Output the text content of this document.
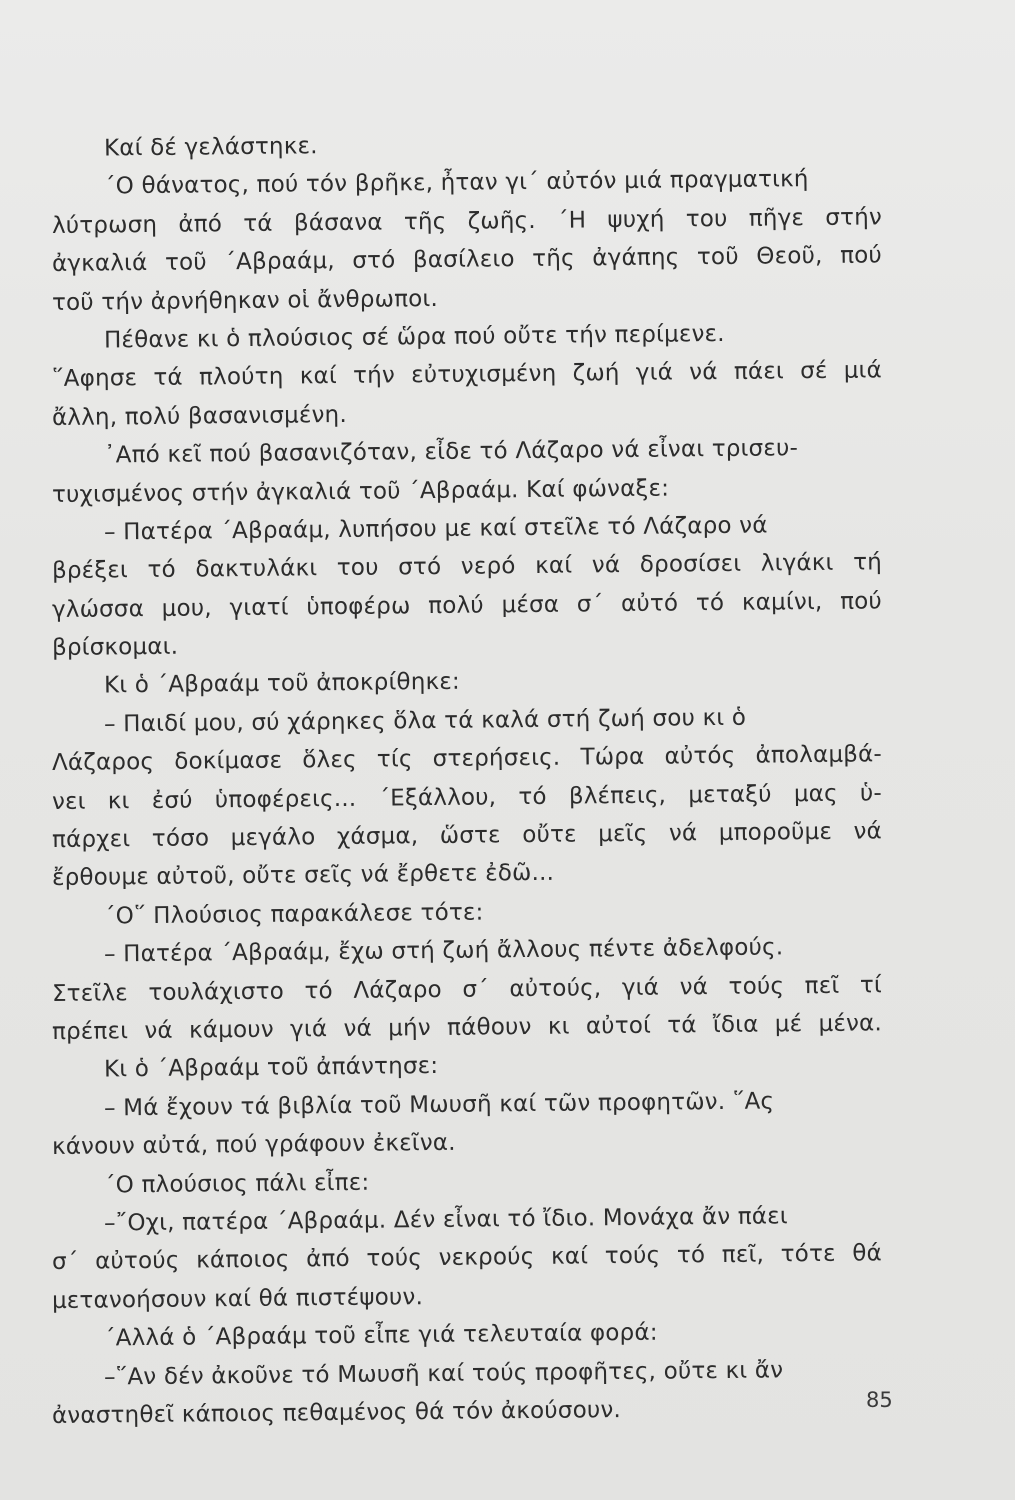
Καί δέ γελάστηκε.
΄Ο θάνατος, πού τόν βρῆκε, ἦταν γι΄ αὐτόν μιά πραγματική
λύτρωση ἀπό τά βάσανα τῆς ζωῆς. ΄Η ψυχή του πῆγε στήν
ἀγκαλιά τοῦ ΄Αβραάμ, στό βασίλειο τῆς ἀγάπης τοῦ Θεοῦ, πού
τοῦ τήν ἀρνήθηκαν οἱ ἄνθρωποι.
Πέθανε κι ὁ πλούσιος σέ ὥρα πού οὔτε τήν περίμενε.
῞Αφησε τά πλούτη καί τήν εὐτυχισμένη ζωή γιά νά πάει σέ μιά
ἄλλη, πολύ βασανισμένη.
᾽Από κεῖ πού βασανιζόταν, εἶδε τό Λάζαρο νά εἶναι τρισευ-
τυχισμένος στήν ἀγκαλιά τοῦ ΄Αβραάμ. Καί φώναξε:
– Πατέρα ΄Αβραάμ, λυπήσου με καί στεῖλε τό Λάζαρο νά
βρέξει τό δακτυλάκι του στό νερό καί νά δροσίσει λιγάκι τή
γλώσσα μου, γιατί ὑποφέρω πολύ μέσα σ΄ αὐτό τό καμίνι, πού
βρίσκομαι.
Κι ὁ ΄Αβραάμ τοῦ ἀποκρίθηκε:
– Παιδί μου, σύ χάρηκες ὅλα τά καλά στή ζωή σου κι ὁ
Λάζαρος δοκίμασε ὅλες τίς στερήσεις. Τώρα αὐτός ἀπολαμβά-
νει κι ἐσύ ὑποφέρεις... ΄Εξάλλου, τό βλέπεις, μεταξύ μας ὑ-
πάρχει τόσο μεγάλο χάσμα, ὥστε οὔτε μεῖς νά μποροῦμε νά
ἔρθουμε αὐτοῦ, οὔτε σεῖς νά ἔρθετε ἐδῶ...
΄Ο῞ Πλούσιος παρακάλεσε τότε:
– Πατέρα ΄Αβραάμ, ἔχω στή ζωή ἄλλους πέντε ἀδελφούς.
Στεῖλε τουλάχιστο τό Λάζαρο σ΄ αὐτούς, γιά νά τούς πεῖ τί
πρέπει νά κάμουν γιά νά μήν πάθουν κι αὐτοί τά ἴδια μέ μένα.
Κι ὁ ΄Αβραάμ τοῦ ἀπάντησε:
– Μά ἔχουν τά βιβλία τοῦ Μωυσῆ καί τῶν προφητῶν. ῞Ας
κάνουν αὐτά, πού γράφουν ἐκεῖνα.
΄Ο πλούσιος πάλι εἶπε:
–῎Οχι, πατέρα ΄Αβραάμ. Δέν εἶναι τό ἴδιο. Μονάχα ἄν πάει
σ΄ αὐτούς κάποιος ἀπό τούς νεκρούς καί τούς τό πεῖ, τότε θά
μετανοήσουν καί θά πιστέψουν.
΄Αλλά ὁ ΄Αβραάμ τοῦ εἶπε γιά τελευταία φορά:
–῞Αν δέν ἀκοῦνε τό Μωυσῆ καί τούς προφῆτες, οὔτε κι ἄν
ἀναστηθεῖ κάποιος πεθαμένος θά τόν ἀκούσουν.	85
